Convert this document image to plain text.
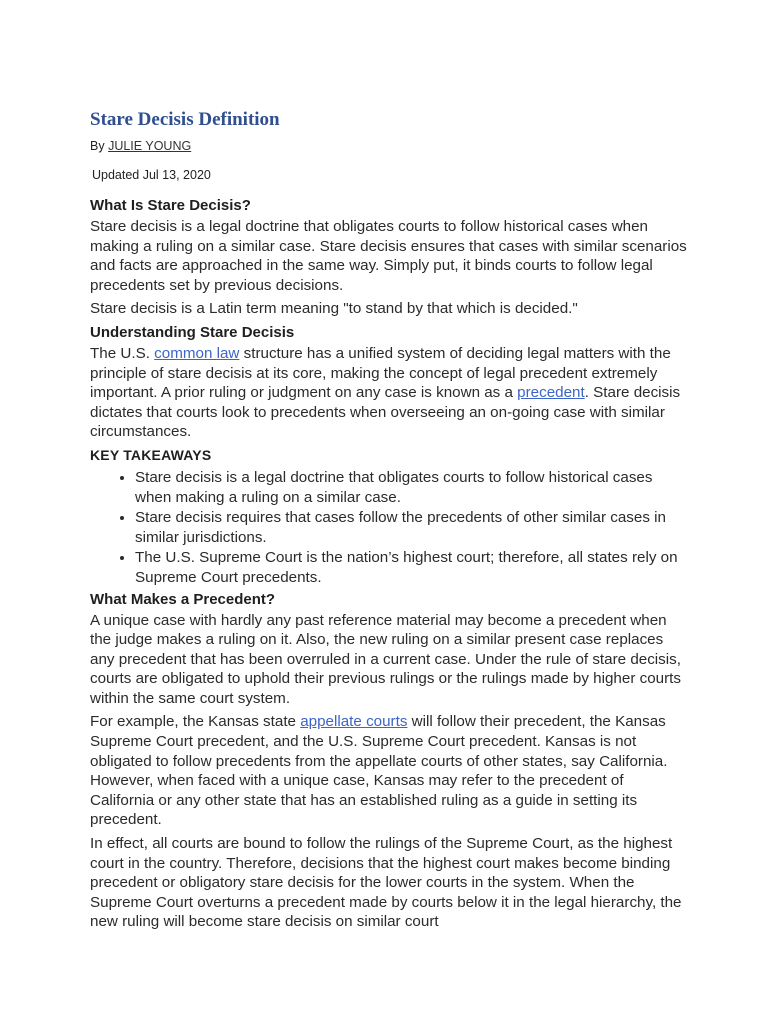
Stare Decisis Definition
By JULIE YOUNG
Updated Jul 13, 2020
What Is Stare Decisis?

Stare decisis is a legal doctrine that obligates courts to follow historical cases when making a ruling on a similar case. Stare decisis ensures that cases with similar scenarios and facts are approached in the same way. Simply put, it binds courts to follow legal precedents set by previous decisions.

Stare decisis is a Latin term meaning "to stand by that which is decided."

Understanding Stare Decisis

The U.S. common law structure has a unified system of deciding legal matters with the principle of stare decisis at its core, making the concept of legal precedent extremely important. A prior ruling or judgment on any case is known as a precedent. Stare decisis dictates that courts look to precedents when overseeing an on-going case with similar circumstances.

KEY TAKEAWAYS
• Stare decisis is a legal doctrine that obligates courts to follow historical cases when making a ruling on a similar case.
• Stare decisis requires that cases follow the precedents of other similar cases in similar jurisdictions.
• The U.S. Supreme Court is the nation’s highest court; therefore, all states rely on Supreme Court precedents.
What Makes a Precedent?

A unique case with hardly any past reference material may become a precedent when the judge makes a ruling on it. Also, the new ruling on a similar present case replaces any precedent that has been overruled in a current case. Under the rule of stare decisis, courts are obligated to uphold their previous rulings or the rulings made by higher courts within the same court system.

For example, the Kansas state appellate courts will follow their precedent, the Kansas Supreme Court precedent, and the U.S. Supreme Court precedent. Kansas is not obligated to follow precedents from the appellate courts of other states, say California. However, when faced with a unique case, Kansas may refer to the precedent of California or any other state that has an established ruling as a guide in setting its precedent.

In effect, all courts are bound to follow the rulings of the Supreme Court, as the highest court in the country. Therefore, decisions that the highest court makes become binding precedent or obligatory stare decisis for the lower courts in the system. When the Supreme Court overturns a precedent made by courts below it in the legal hierarchy, the new ruling will become stare decisis on similar court
